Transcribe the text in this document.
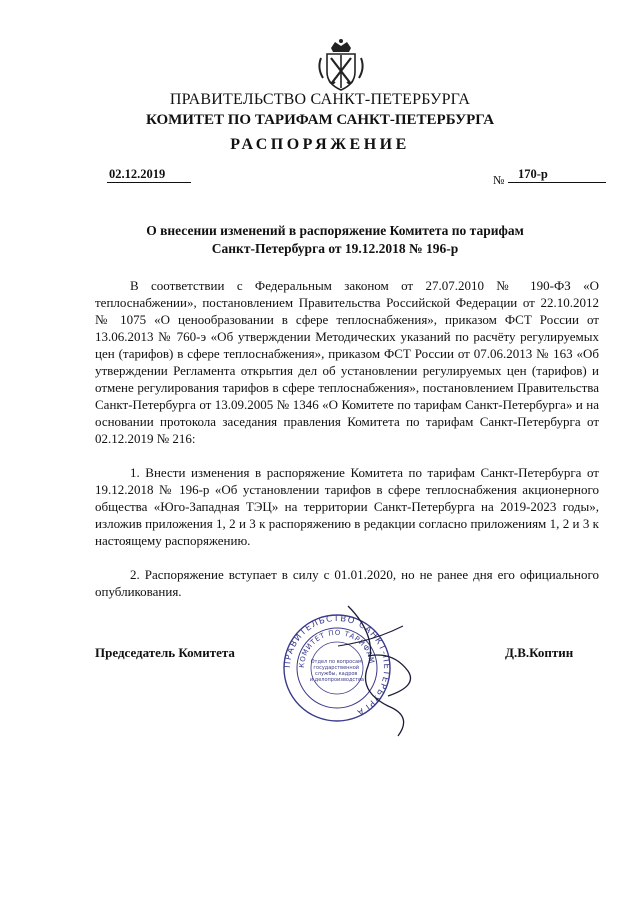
ПРАВИТЕЛЬСТВО САНКТ-ПЕТЕРБУРГА
КОМИТЕТ ПО ТАРИФАМ САНКТ-ПЕТЕРБУРГА
РАСПОРЯЖЕНИЕ
02.12.2019	№	170-р
О внесении изменений в распоряжение Комитета по тарифам
Санкт-Петербурга от 19.12.2018 № 196-р
В соответствии с Федеральным законом от 27.07.2010 № 190-ФЗ «О теплоснабжении», постановлением Правительства Российской Федерации от 22.10.2012 № 1075 «О ценообразовании в сфере теплоснабжения», приказом ФСТ России от 13.06.2013 № 760-э «Об утверждении Методических указаний по расчёту регулируемых цен (тарифов) в сфере теплоснабжения», приказом ФСТ России от 07.06.2013 № 163 «Об утверждении Регламента открытия дел об установлении регулируемых цен (тарифов) и отмене регулирования тарифов в сфере теплоснабжения», постановлением Правительства Санкт-Петербурга от 13.09.2005 № 1346 «О Комитете по тарифам Санкт-Петербурга» и на основании протокола заседания правления Комитета по тарифам Санкт-Петербурга от 02.12.2019 № 216:
1. Внести изменения в распоряжение Комитета по тарифам Санкт-Петербурга от 19.12.2018 № 196-р «Об установлении тарифов в сфере теплоснабжения акционерного общества «Юго-Западная ТЭЦ» на территории Санкт-Петербурга на 2019-2023 годы», изложив приложения 1, 2 и 3 к распоряжению в редакции согласно приложениям 1, 2 и 3 к настоящему распоряжению.
2. Распоряжение вступает в силу с 01.01.2020, но не ранее дня его официального опубликования.
ПРАВИТЕЛЬСТВО САНКТ-ПЕТЕРБУРГА
КОМИТЕТ ПО ТАРИФАМ
Отдел по вопросам государственной службы, кадров и делопроизводства
Председатель Комитета	Д.В.Коптин
